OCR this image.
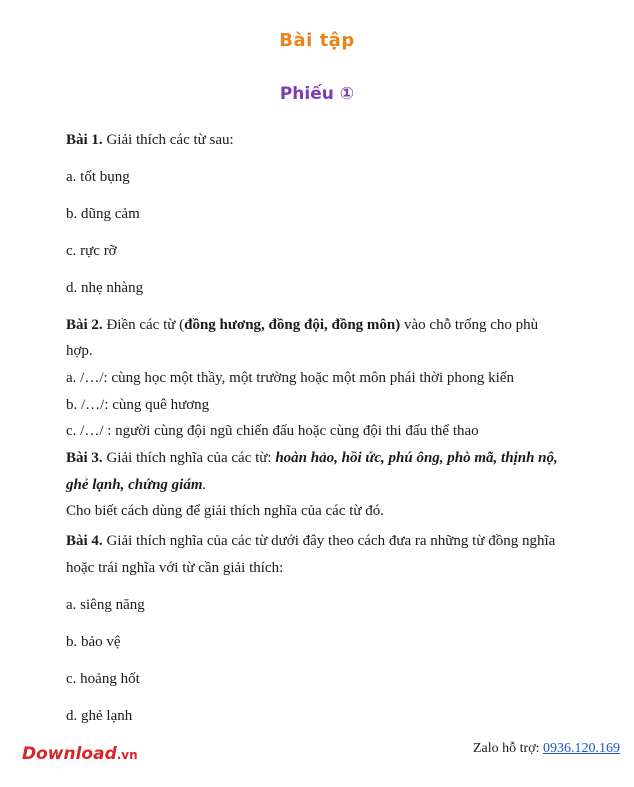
Bài tập
Phiếu ①
Bài 1. Giải thích các từ sau:
a. tốt bụng
b. dũng cảm
c. rực rỡ
d. nhẹ nhàng
Bài 2. Điền các từ (đồng hương, đồng đội, đồng môn) vào chỗ trống cho phù
hợp.
a. /…/: cùng học một thầy, một trường hoặc một môn phái thời phong kiến
b. /…/: cùng quê hương
c. /…/ : người cùng đội ngũ chiến đấu hoặc cùng đội thi đấu thể thao
Bài 3. Giải thích nghĩa của các từ: hoàn hảo, hồi ức, phú ông, phò mã, thịnh nộ,
ghẻ lạnh, chứng giám.
Cho biết cách dùng để giải thích nghĩa của các từ đó.
Bài 4. Giải thích nghĩa của các từ dưới đây theo cách đưa ra những từ đồng nghĩa
hoặc trái nghĩa với từ cần giải thích:
a. siêng năng
b. bảo vệ
c. hoảng hốt
d. ghẻ lạnh
Download.vn	Zalo hỗ trợ: 0936.120.169
